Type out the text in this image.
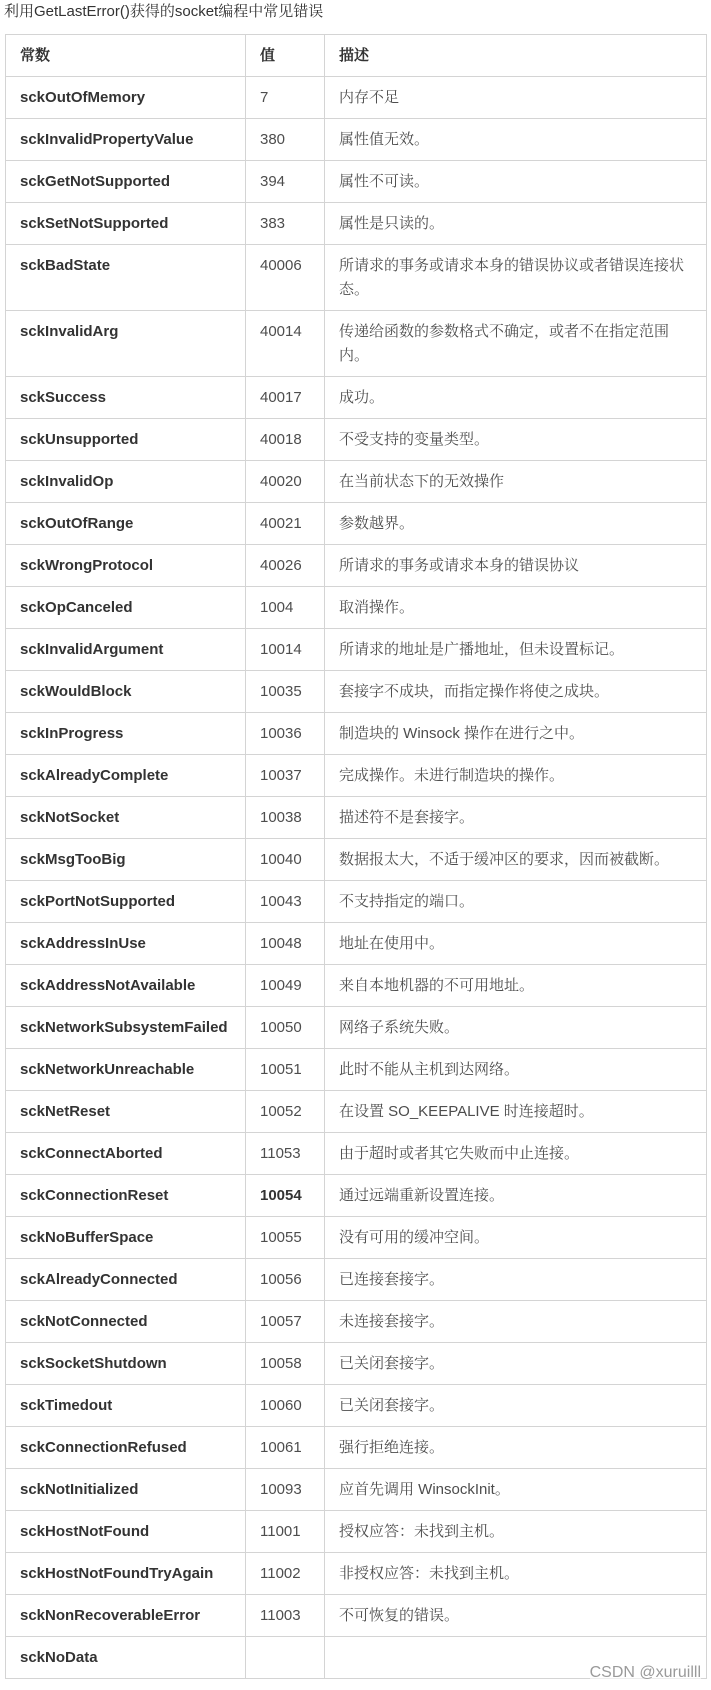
利用GetLastError()获得的socket编程中常见错误
常数	值	描述
sckOutOfMemory	7	内存不足
sckInvalidPropertyValue	380	属性值无效。
sckGetNotSupported	394	属性不可读。
sckSetNotSupported	383	属性是只读的。
sckBadState	40006	所请求的事务或请求本身的错误协议或者错误连接状态。
sckInvalidArg	40014	传递给函数的参数格式不确定，或者不在指定范围内。
sckSuccess	40017	成功。
sckUnsupported	40018	不受支持的变量类型。
sckInvalidOp	40020	在当前状态下的无效操作
sckOutOfRange	40021	参数越界。
sckWrongProtocol	40026	所请求的事务或请求本身的错误协议
sckOpCanceled	1004	取消操作。
sckInvalidArgument	10014	所请求的地址是广播地址，但未设置标记。
sckWouldBlock	10035	套接字不成块，而指定操作将使之成块。
sckInProgress	10036	制造块的 Winsock 操作在进行之中。
sckAlreadyComplete	10037	完成操作。未进行制造块的操作。
sckNotSocket	10038	描述符不是套接字。
sckMsgTooBig	10040	数据报太大，不适于缓冲区的要求，因而被截断。
sckPortNotSupported	10043	不支持指定的端口。
sckAddressInUse	10048	地址在使用中。
sckAddressNotAvailable	10049	来自本地机器的不可用地址。
sckNetworkSubsystemFailed	10050	网络子系统失败。
sckNetworkUnreachable	10051	此时不能从主机到达网络。
sckNetReset	10052	在设置 SO_KEEPALIVE 时连接超时。
sckConnectAborted	11053	由于超时或者其它失败而中止连接。
sckConnectionReset	10054	通过远端重新设置连接。
sckNoBufferSpace	10055	没有可用的缓冲空间。
sckAlreadyConnected	10056	已连接套接字。
sckNotConnected	10057	未连接套接字。
sckSocketShutdown	10058	已关闭套接字。
sckTimedout	10060	已关闭套接字。
sckConnectionRefused	10061	强行拒绝连接。
sckNotInitialized	10093	应首先调用 WinsockInit。
sckHostNotFound	11001	授权应答：未找到主机。
sckHostNotFoundTryAgain	11002	非授权应答：未找到主机。
sckNonRecoverableError	11003	不可恢复的错误。
sckNoData		
CSDN @xuruilll
